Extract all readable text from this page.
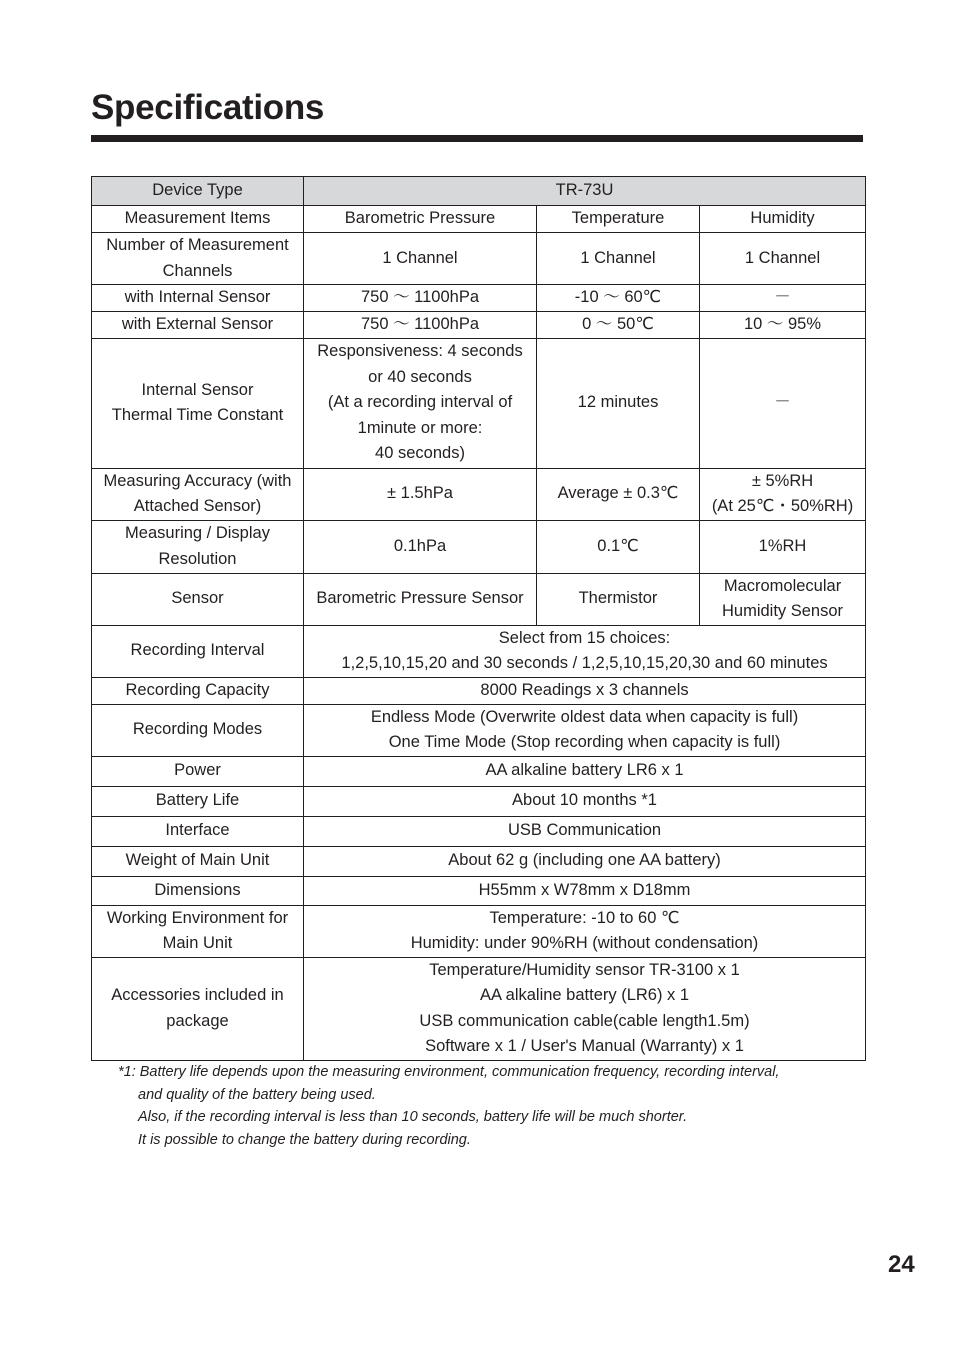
Specifications
Device Type	TR-73U		

Measurement Items	Barometric Pressure	Temperature	Humidity

Number of Measurement
Channels	1 Channel	1 Channel	1 Channel

with Internal Sensor	750 ～ 1100hPa	-10 ～ 60℃	－

with External Sensor	750 ～ 1100hPa	0 ～ 50℃	10 ～ 95%

Internal Sensor
Thermal Time Constant	Responsiveness: 4 seconds
or 40 seconds
(At a recording interval of
1minute or more:
40 seconds)	12 minutes	－

Measuring Accuracy (with
Attached Sensor)	± 1.5hPa	Average ± 0.3℃	± 5%RH
(At 25℃・50%RH)

Measuring / Display
Resolution	0.1hPa	0.1℃	1%RH

Sensor	Barometric Pressure Sensor	Thermistor	Macromolecular
Humidity Sensor

Recording Interval	Select from 15 choices:
1,2,5,10,15,20 and 30 seconds / 1,2,5,10,15,20,30 and 60 minutes		

Recording Capacity	8000 Readings x 3 channels		

Recording Modes	Endless Mode (Overwrite oldest data when capacity is full)
One Time Mode (Stop recording when capacity is full)		

Power	AA alkaline battery LR6 x 1		

Battery Life	About 10 months *1		

Interface	USB Communication		

Weight of Main Unit	About 62 g (including one AA battery)		

Dimensions	H55mm x W78mm x D18mm		

Working Environment for
Main Unit	Temperature: -10 to 60 ℃
Humidity: under 90%RH (without condensation)		

Accessories included in
package	Temperature/Humidity sensor TR-3100 x 1
AA alkaline battery (LR6) x 1
USB communication cable(cable length1.5m)
Software x 1 / User's Manual (Warranty) x 1		
*1: Battery life depends upon the measuring environment, communication frequency, recording interval,
and quality of the battery being used.
Also, if the recording interval is less than 10 seconds, battery life will be much shorter.
It is possible to change the battery during recording.
24
